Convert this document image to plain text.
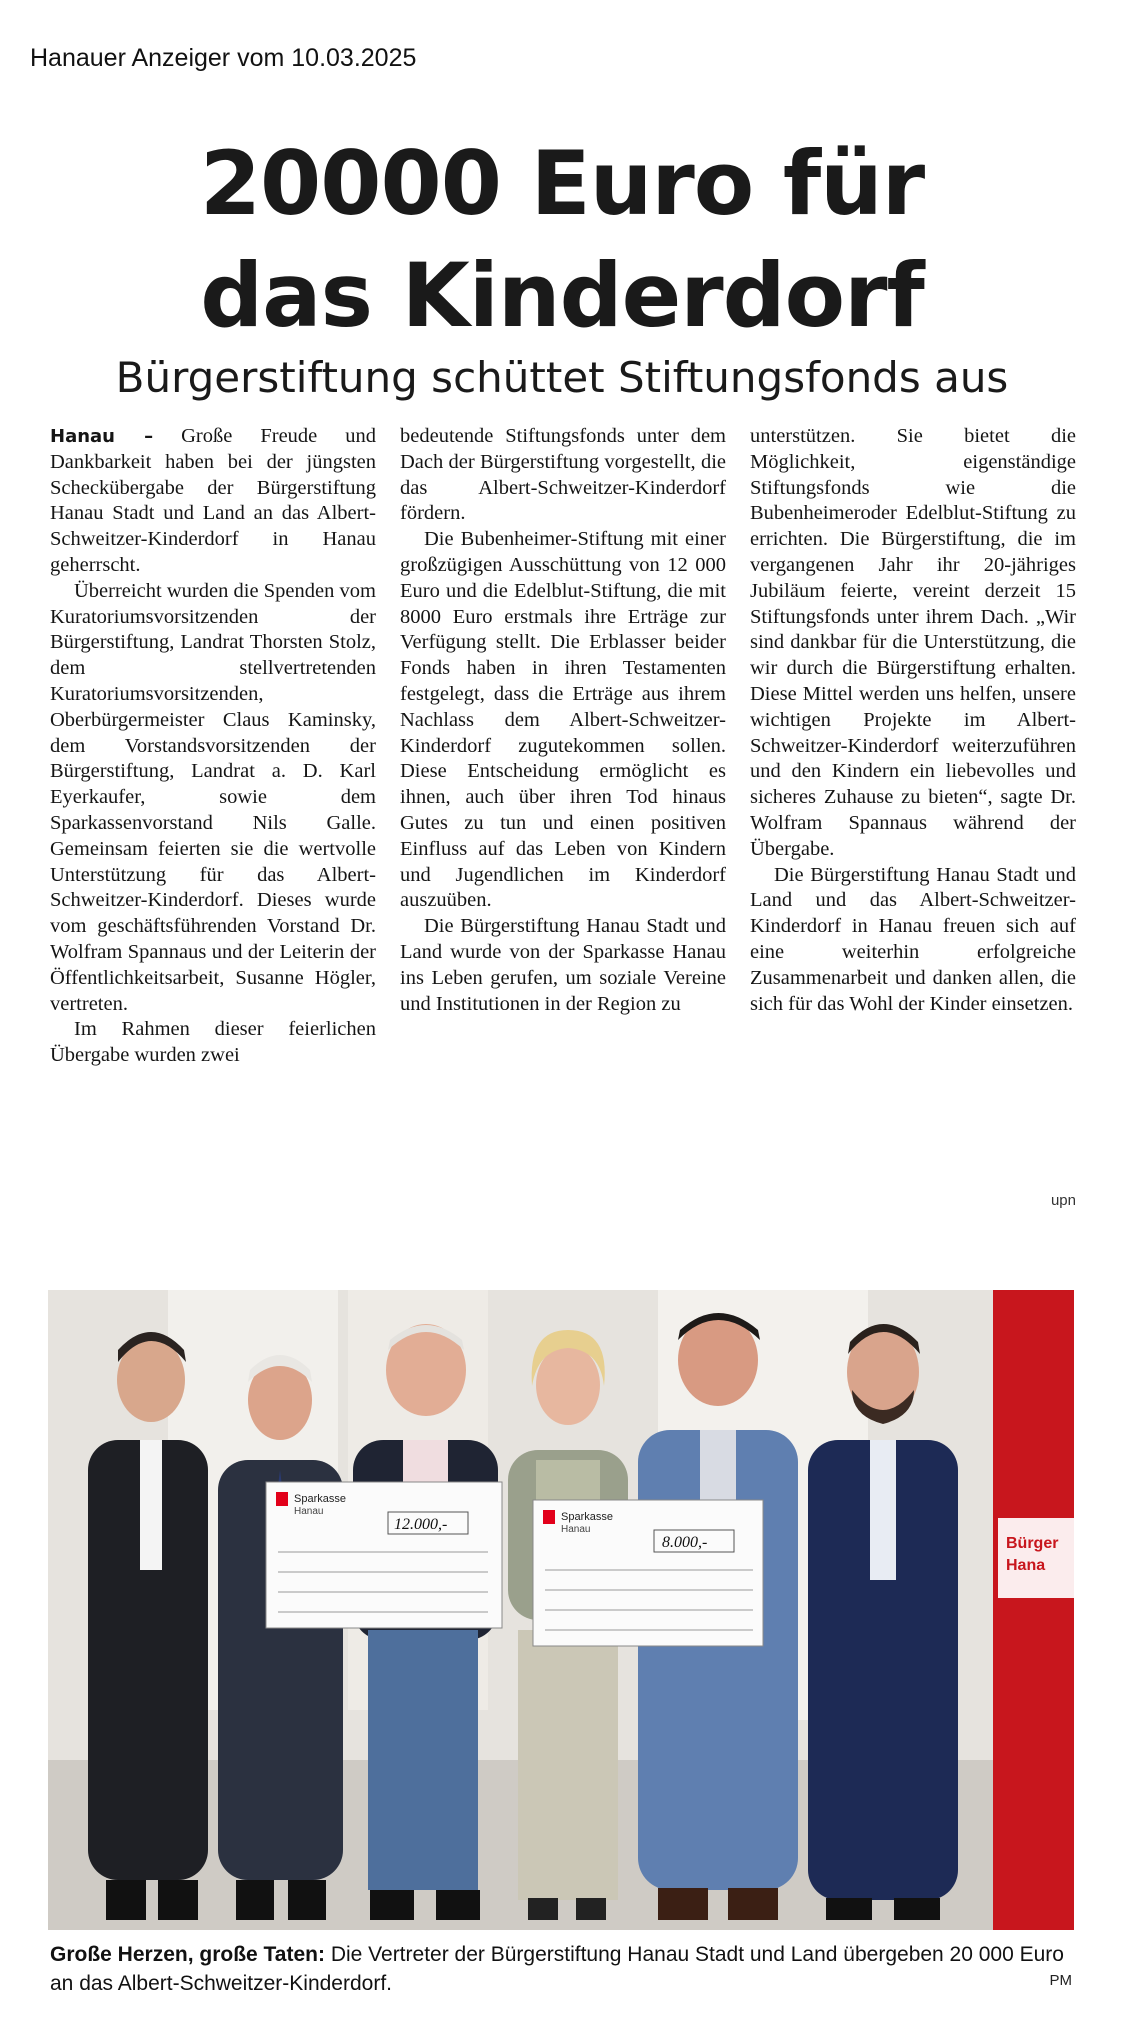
Hanauer Anzeiger vom 10.03.2025
20000 Euro für
das Kinderdorf
Bürgerstiftung schüttet Stiftungsfonds aus

Hanau – Große Freude und Dankbarkeit haben bei der jüngsten Scheckübergabe der Bürgerstiftung Hanau Stadt und Land an das Albert-Schweitzer-Kinderdorf in Hanau geherrscht.

Überreicht wurden die Spenden vom Kuratoriumsvorsitzenden der Bürgerstiftung, Landrat Thorsten Stolz, dem stellvertretenden Kuratoriumsvorsitzenden, Oberbürgermeister Claus Kaminsky, dem Vorstandsvorsitzenden der Bürgerstiftung, Landrat a. D. Karl Eyerkaufer, sowie dem Sparkassenvorstand Nils Galle. Gemeinsam feierten sie die wertvolle Unterstützung für das Albert-Schweitzer-Kinderdorf. Dieses wurde vom geschäftsführenden Vorstand Dr. Wolfram Spannaus und der Leiterin der Öffentlichkeitsarbeit, Susanne Högler, vertreten.

Im Rahmen dieser feierlichen Übergabe wurden zwei

bedeutende Stiftungsfonds unter dem Dach der Bürgerstiftung vorgestellt, die das Albert-Schweitzer-Kinderdorf fördern.

Die Bubenheimer-Stiftung mit einer großzügigen Ausschüttung von 12 000 Euro und die Edelblut-Stiftung, die mit 8000 Euro erstmals ihre Erträge zur Verfügung stellt. Die Erblasser beider Fonds haben in ihren Testamenten festgelegt, dass die Erträge aus ihrem Nachlass dem Albert-Schweitzer-Kinderdorf zugutekommen sollen. Diese Entscheidung ermöglicht es ihnen, auch über ihren Tod hinaus Gutes zu tun und einen positiven Einfluss auf das Leben von Kindern und Jugendlichen im Kinderdorf auszuüben.

Die Bürgerstiftung Hanau Stadt und Land wurde von der Sparkasse Hanau ins Leben gerufen, um soziale Vereine und Institutionen in der Region zu

unterstützen. Sie bietet die Möglichkeit, eigenständige Stiftungsfonds wie die Bubenheimeroder Edelblut-Stiftung zu errichten. Die Bürgerstiftung, die im vergangenen Jahr ihr 20-jähriges Jubiläum feierte, vereint derzeit 15 Stiftungsfonds unter ihrem Dach. „Wir sind dankbar für die Unterstützung, die wir durch die Bürgerstiftung erhalten. Diese Mittel werden uns helfen, unsere wichtigen Projekte im Albert-Schweitzer-Kinderdorf weiterzuführen und den Kindern ein liebevolles und sicheres Zuhause zu bieten“, sagte Dr. Wolfram Spannaus während der Übergabe.

Die Bürgerstiftung Hanau Stadt und Land und das Albert-Schweitzer-Kinderdorf in Hanau freuen sich auf eine weiterhin erfolgreiche Zusammenarbeit und danken allen, die sich für das Wohl der Kinder einsetzen.

upn
Bürger
Hana
Sparkasse
Hanau
12.000,-	Sparkasse
Hanau
8.000,-
Große Herzen, große Taten: Die Vertreter der Bürgerstiftung Hanau Stadt und Land übergeben 20 000 Euro an das Albert-Schweitzer-Kinderdorf.	PM
